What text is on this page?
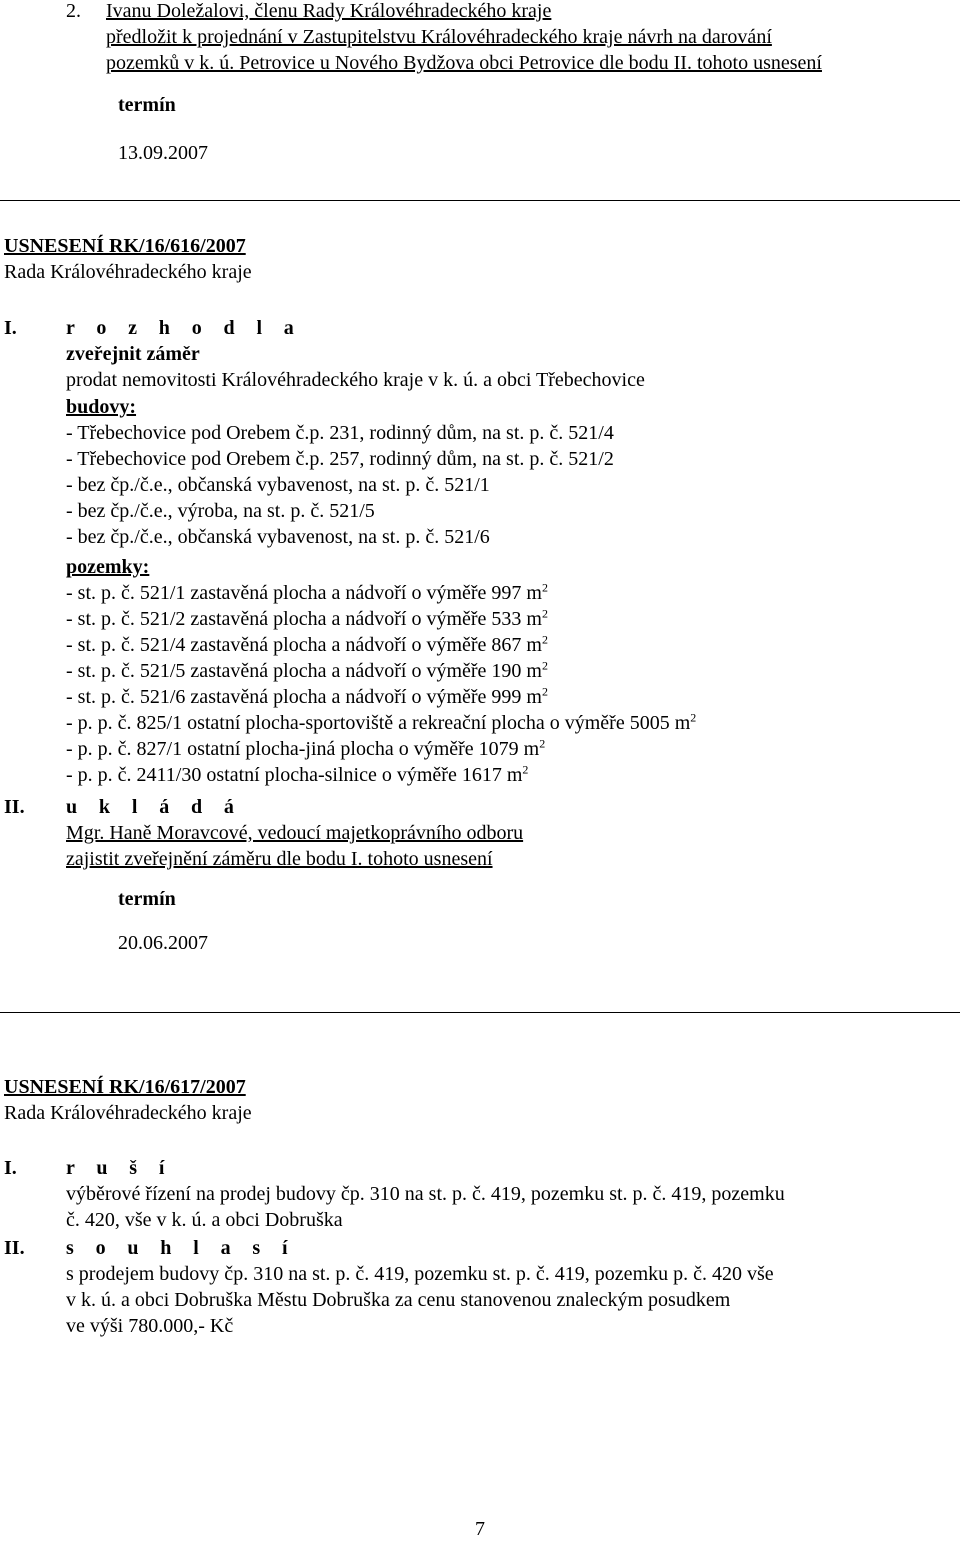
2. Ivanu Doležalovi, členu Rady Královéhradeckého kraje
předložit k projednání v Zastupitelstvu Královéhradeckého kraje návrh na darování
pozemků v k. ú. Petrovice u Nového Bydžova obci Petrovice dle bodu II. tohoto usnesení
termín
13.09.2007
USNESENÍ RK/16/616/2007
Rada Královéhradeckého kraje
I. r o z h o d l a
zveřejnit záměr
prodat nemovitosti Královéhradeckého kraje v k. ú. a obci Třebechovice
budovy:
- Třebechovice pod Orebem č.p. 231, rodinný dům, na st. p. č. 521/4
- Třebechovice pod Orebem č.p. 257, rodinný dům, na st. p. č. 521/2
- bez čp./č.e., občanská vybavenost, na st. p. č. 521/1
- bez čp./č.e., výroba, na st. p. č. 521/5
- bez čp./č.e., občanská vybavenost, na st. p. č. 521/6
pozemky:
- st. p. č. 521/1 zastavěná plocha a nádvoří o výměře 997 $m^2$
- st. p. č. 521/2 zastavěná plocha a nádvoří o výměře 533 $m^2$
- st. p. č. 521/4 zastavěná plocha a nádvoří o výměře 867 $m^2$
- st. p. č. 521/5 zastavěná plocha a nádvoří o výměře 190 $m^2$
- st. p. č. 521/6 zastavěná plocha a nádvoří o výměře 999 $m^2$
- p. p. č. 825/1 ostatní plocha-sportoviště a rekreační plocha o výměře 5005 $m^2$
- p. p. č. 827/1 ostatní plocha-jiná plocha o výměře 1079 $m^2$
- p. p. č. 2411/30 ostatní plocha-silnice o výměře 1617 $m^2$
II. u k l á d á
Mgr. Haně Moravcové, vedoucí majetkoprávního odboru
zajistit zveřejnění záměru dle bodu I. tohoto usnesení
termín
20.06.2007
USNESENÍ RK/16/617/2007
Rada Královéhradeckého kraje
I. r u š í
výběrové řízení na prodej budovy čp. 310 na st. p. č. 419, pozemku st. p. č. 419, pozemku
č. 420, vše v k. ú. a obci Dobruška
II. s o u h l a s í
s prodejem budovy čp. 310 na st. p. č. 419, pozemku st. p. č. 419, pozemku p. č. 420 vše
v k. ú. a obci Dobruška Městu Dobruška za cenu stanovenou znaleckým posudkem
ve výši 780.000,- Kč
7
